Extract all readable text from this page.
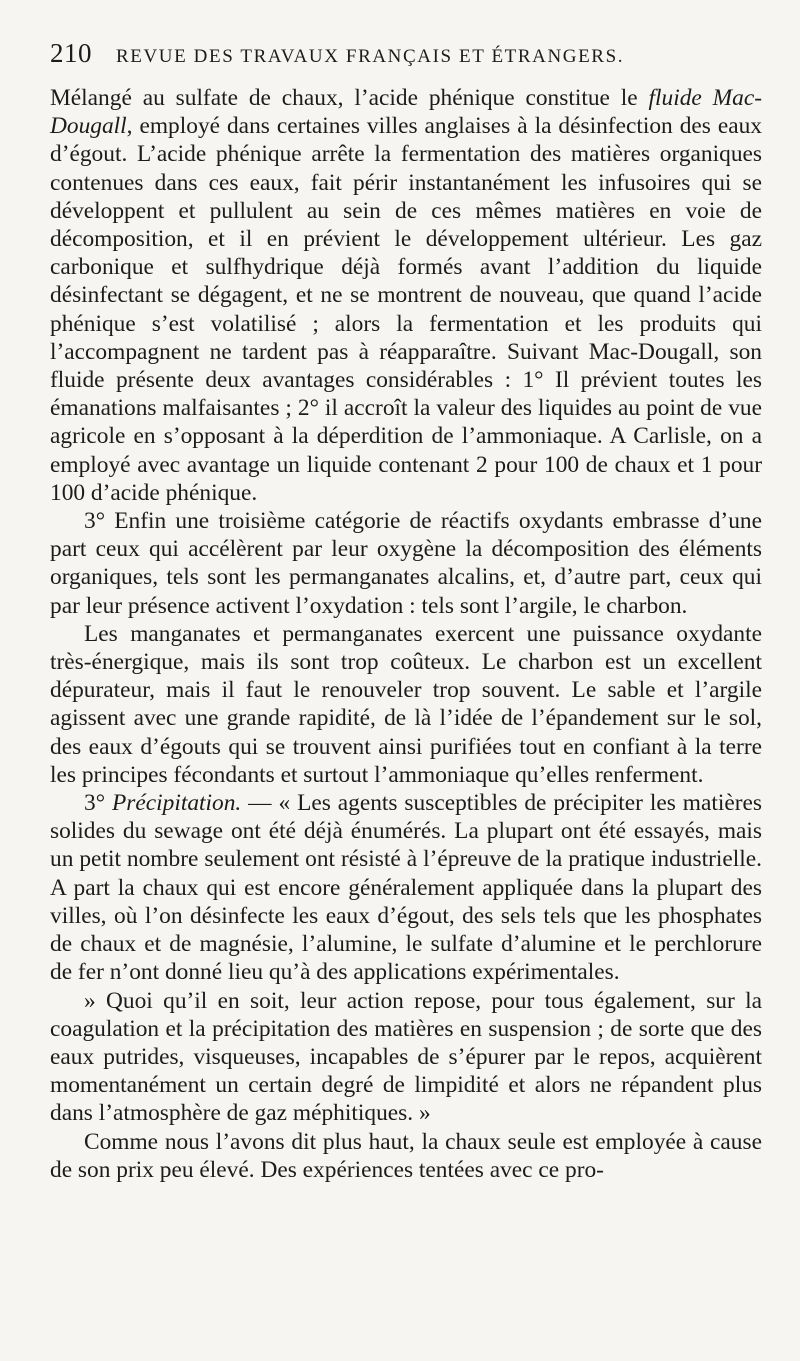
210 REVUE DES TRAVAUX FRANÇAIS ET ÉTRANGERS.

Mélangé au sulfate de chaux, l’acide phénique constitue le fluide Mac-Dougall, employé dans certaines villes anglaises à la désinfection des eaux d’égout. L’acide phénique arrête la fermentation des matières organiques contenues dans ces eaux, fait périr instantanément les infusoires qui se développent et pullulent au sein de ces mêmes matières en voie de décomposition, et il en prévient le développement ultérieur. Les gaz carbonique et sulfhydrique déjà formés avant l’addition du liquide désinfectant se dégagent, et ne se montrent de nouveau, que quand l’acide phénique s’est volatilisé ; alors la fermentation et les produits qui l’accompagnent ne tardent pas à réapparaître. Suivant Mac-Dougall, son fluide présente deux avantages considérables : 1° Il prévient toutes les émanations malfaisantes ; 2° il accroît la valeur des liquides au point de vue agricole en s’opposant à la déperdition de l’ammoniaque. A Carlisle, on a employé avec avantage un liquide contenant 2 pour 100 de chaux et 1 pour 100 d’acide phénique.

3° Enfin une troisième catégorie de réactifs oxydants embrasse d’une part ceux qui accélèrent par leur oxygène la décomposition des éléments organiques, tels sont les permanganates alcalins, et, d’autre part, ceux qui par leur présence activent l’oxydation : tels sont l’argile, le charbon.

Les manganates et permanganates exercent une puissance oxydante très-énergique, mais ils sont trop coûteux. Le charbon est un excellent dépurateur, mais il faut le renouveler trop souvent. Le sable et l’argile agissent avec une grande rapidité, de là l’idée de l’épandement sur le sol, des eaux d’égouts qui se trouvent ainsi purifiées tout en confiant à la terre les principes fécondants et surtout l’ammoniaque qu’elles renferment.

3° Précipitation. — « Les agents susceptibles de précipiter les matières solides du sewage ont été déjà énumérés. La plupart ont été essayés, mais un petit nombre seulement ont résisté à l’épreuve de la pratique industrielle. A part la chaux qui est encore généralement appliquée dans la plupart des villes, où l’on désinfecte les eaux d’égout, des sels tels que les phosphates de chaux et de magnésie, l’alumine, le sulfate d’alumine et le perchlorure de fer n’ont donné lieu qu’à des applications expérimentales.

» Quoi qu’il en soit, leur action repose, pour tous également, sur la coagulation et la précipitation des matières en suspension ; de sorte que des eaux putrides, visqueuses, incapables de s’épurer par le repos, acquièrent momentanément un certain degré de limpidité et alors ne répandent plus dans l’atmosphère de gaz méphitiques. »

Comme nous l’avons dit plus haut, la chaux seule est employée à cause de son prix peu élevé. Des expériences tentées avec ce pro-
